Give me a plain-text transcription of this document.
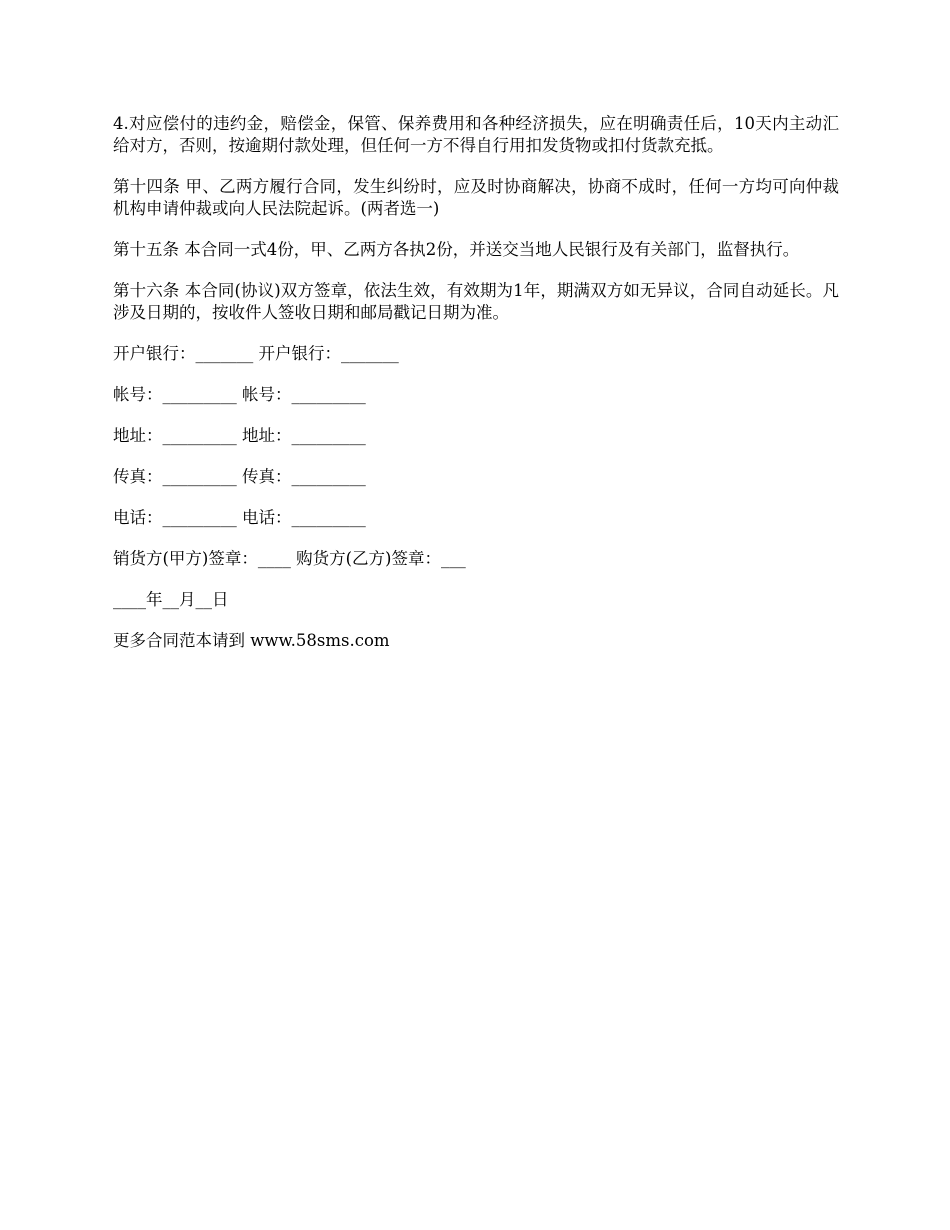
4.对应偿付的违约金，赔偿金，保管、保养费用和各种经济损失，应在明确责任后，10天内主动汇给对方，否则，按逾期付款处理，但任何一方不得自行用扣发货物或扣付货款充抵。

第十四条 甲、乙两方履行合同，发生纠纷时，应及时协商解决，协商不成时，任何一方均可向仲裁机构申请仲裁或向人民法院起诉。(两者选一)

第十五条 本合同一式4份，甲、乙两方各执2份，并送交当地人民银行及有关部门，监督执行。

第十六条 本合同(协议)双方签章，依法生效，有效期为1年，期满双方如无异议，合同自动延长。凡涉及日期的，按收件人签收日期和邮局戳记日期为准。

开户银行：_______ 开户银行：_______
帐号：_________ 帐号：_________
地址：_________ 地址：_________
传真：_________ 传真：_________
电话：_________ 电话：_________
销货方(甲方)签章：____ 购货方(乙方)签章：___
____年__月__日
更多合同范本请到 www.58sms.com
